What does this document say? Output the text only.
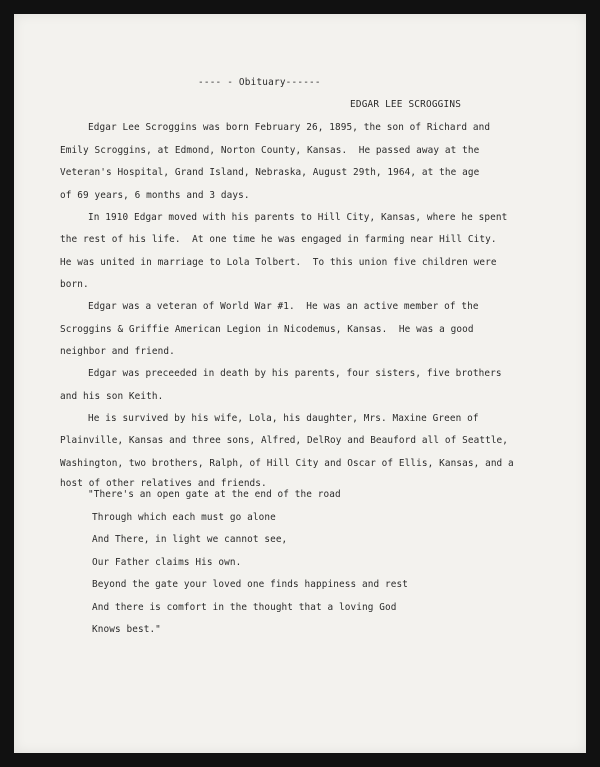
---- - Obituary------
EDGAR LEE SCROGGINS
Edgar Lee Scroggins was born February 26, 1895, the son of Richard and
Emily Scroggins, at Edmond, Norton County, Kansas.  He passed away at the
Veteran's Hospital, Grand Island, Nebraska, August 29th, 1964, at the age
of 69 years, 6 months and 3 days.
In 1910 Edgar moved with his parents to Hill City, Kansas, where he spent
the rest of his life.  At one time he was engaged in farming near Hill City.
He was united in marriage to Lola Tolbert.  To this union five children were
born.
Edgar was a veteran of World War #1.  He was an active member of the
Scroggins & Griffie American Legion in Nicodemus, Kansas.  He was a good
neighbor and friend.
Edgar was preceeded in death by his parents, four sisters, five brothers
and his son Keith.
He is survived by his wife, Lola, his daughter, Mrs. Maxine Green of
Plainville, Kansas and three sons, Alfred, DelRoy and Beauford all of Seattle,
Washington, two brothers, Ralph, of Hill City and Oscar of Ellis, Kansas, and a
host of other relatives and friends.
"There's an open gate at the end of the road
Through which each must go alone
And There, in light we cannot see,
Our Father claims His own.
Beyond the gate your loved one finds happiness and rest
And there is comfort in the thought that a loving God
Knows best."
